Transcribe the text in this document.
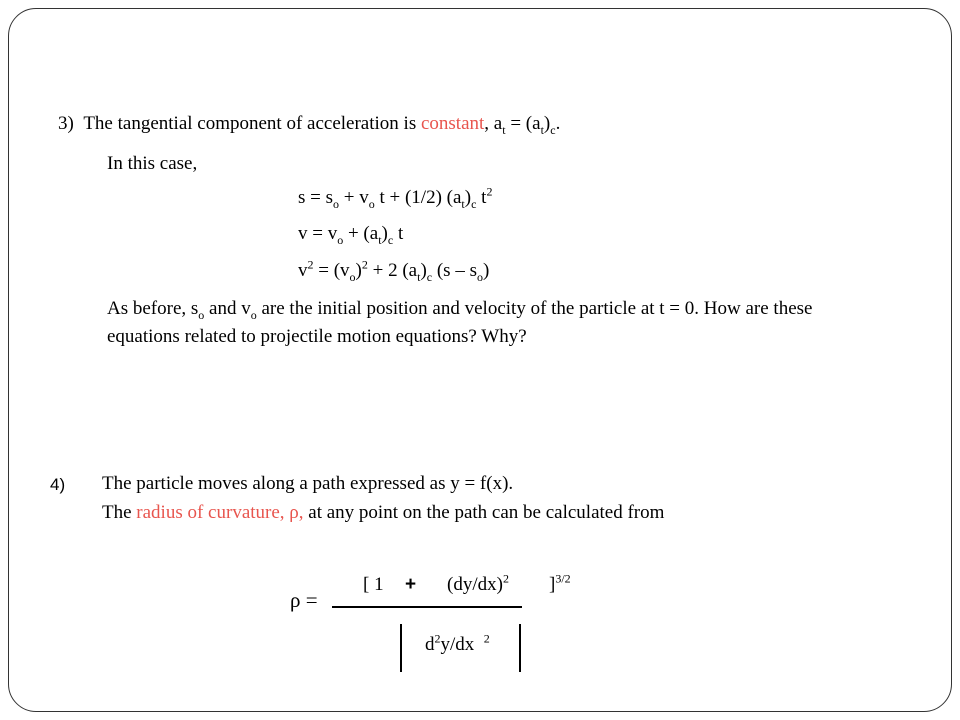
3) The tangential component of acceleration is constant, $a_t = (a_t)_c$.
In this case,
$s = s_o + v_o$ t + (1/2) $(a_t)_c$ $t^2$
$v = v_o + (a_t)_c$ t
$v^2 = (v_o)^2 + 2$ $(a_t)_c$ $(s - s_o)$
As before, $s_o$ and $v_o$ are the initial position and velocity of the particle at t = 0. How are these
equations related to projectile motion equations? Why?
4) The particle moves along a path expressed as y = f(x).
The radius of curvature, ρ, at any point on the path can be calculated from
ρ =
[ $1 + (dy/dx)^2$ ]$^{3/2}$
$d^2y/dx$ $^2$
